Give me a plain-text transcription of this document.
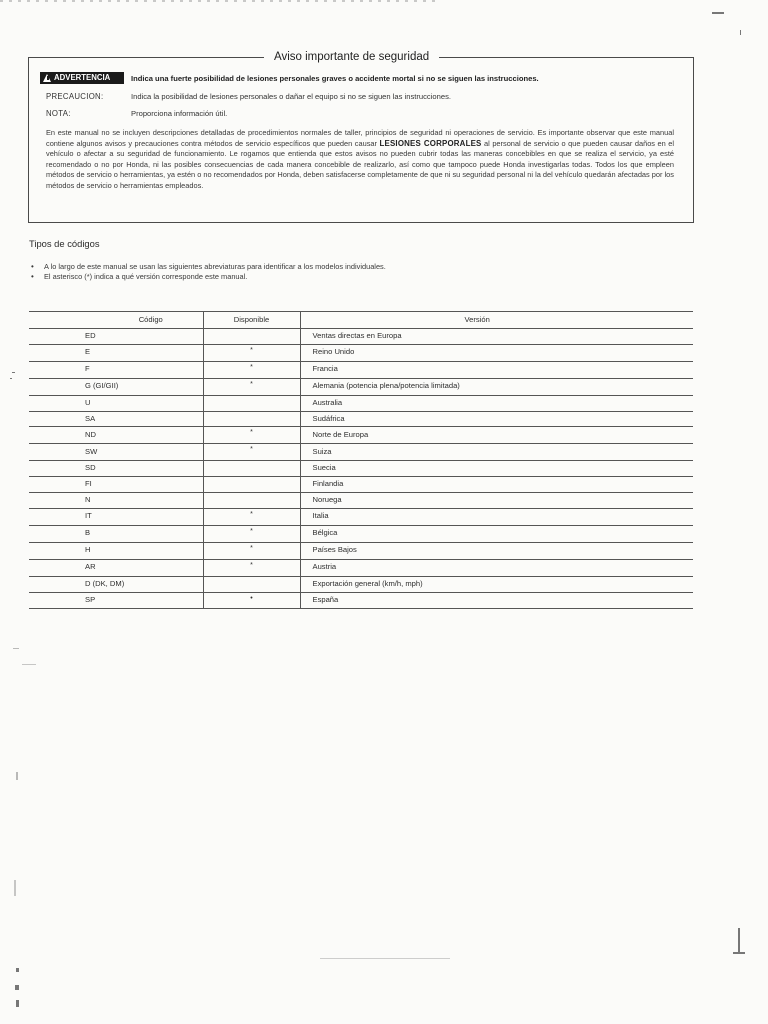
Aviso importante de seguridad
ADVERTENCIA	Indica una fuerte posibilidad de lesiones personales graves o accidente mortal si no se siguen las instrucciones.
PRECAUCION:	Indica la posibilidad de lesiones personales o dañar el equipo si no se siguen las instrucciones.
NOTA:	Proporciona información útil.
En este manual no se incluyen descripciones detalladas de procedimientos normales de taller, principios de seguridad ni operaciones de servicio. Es importante observar que este manual contiene algunos avisos y precauciones contra métodos de servicio específicos que pueden causar LESIONES CORPORALES al personal de servicio o que pueden causar daños en el vehículo o afectar a su seguridad de funcionamiento. Le rogamos que entienda que estos avisos no pueden cubrir todas las maneras concebibles en que se realiza el servicio, ya esté recomendado o no por Honda, ni las posibles consecuencias de cada manera concebible de realizarlo, así como que tampoco puede Honda investigarlas todas. Todos los que empleen métodos de servicio o herramientas, ya estén o no recomendados por Honda, deben satisfacerse completamente de que ni su seguridad personal ni la del vehículo quedarán afectadas por los métodos de servicio o herramientas empleados.
Tipos de códigos
• A lo largo de este manual se usan las siguientes abreviaturas para identificar a los modelos individuales.
• El asterisco (*) indica a qué versión corresponde este manual.
Código	Disponible	Versión
ED		Ventas directas en Europa
E	*	Reino Unido
F	*	Francia
G (GI/GII)	*	Alemania (potencia plena/potencia limitada)
U		Australia
SA		Sudáfrica
ND	*	Norte de Europa
SW	*	Suiza
SD		Suecia
FI		Finlandia
N		Noruega
IT	*	Italia
B	*	Bélgica
H	*	Países Bajos
AR	*	Austria
D (DK, DM)		Exportación general (km/h, mph)
SP	•	España
